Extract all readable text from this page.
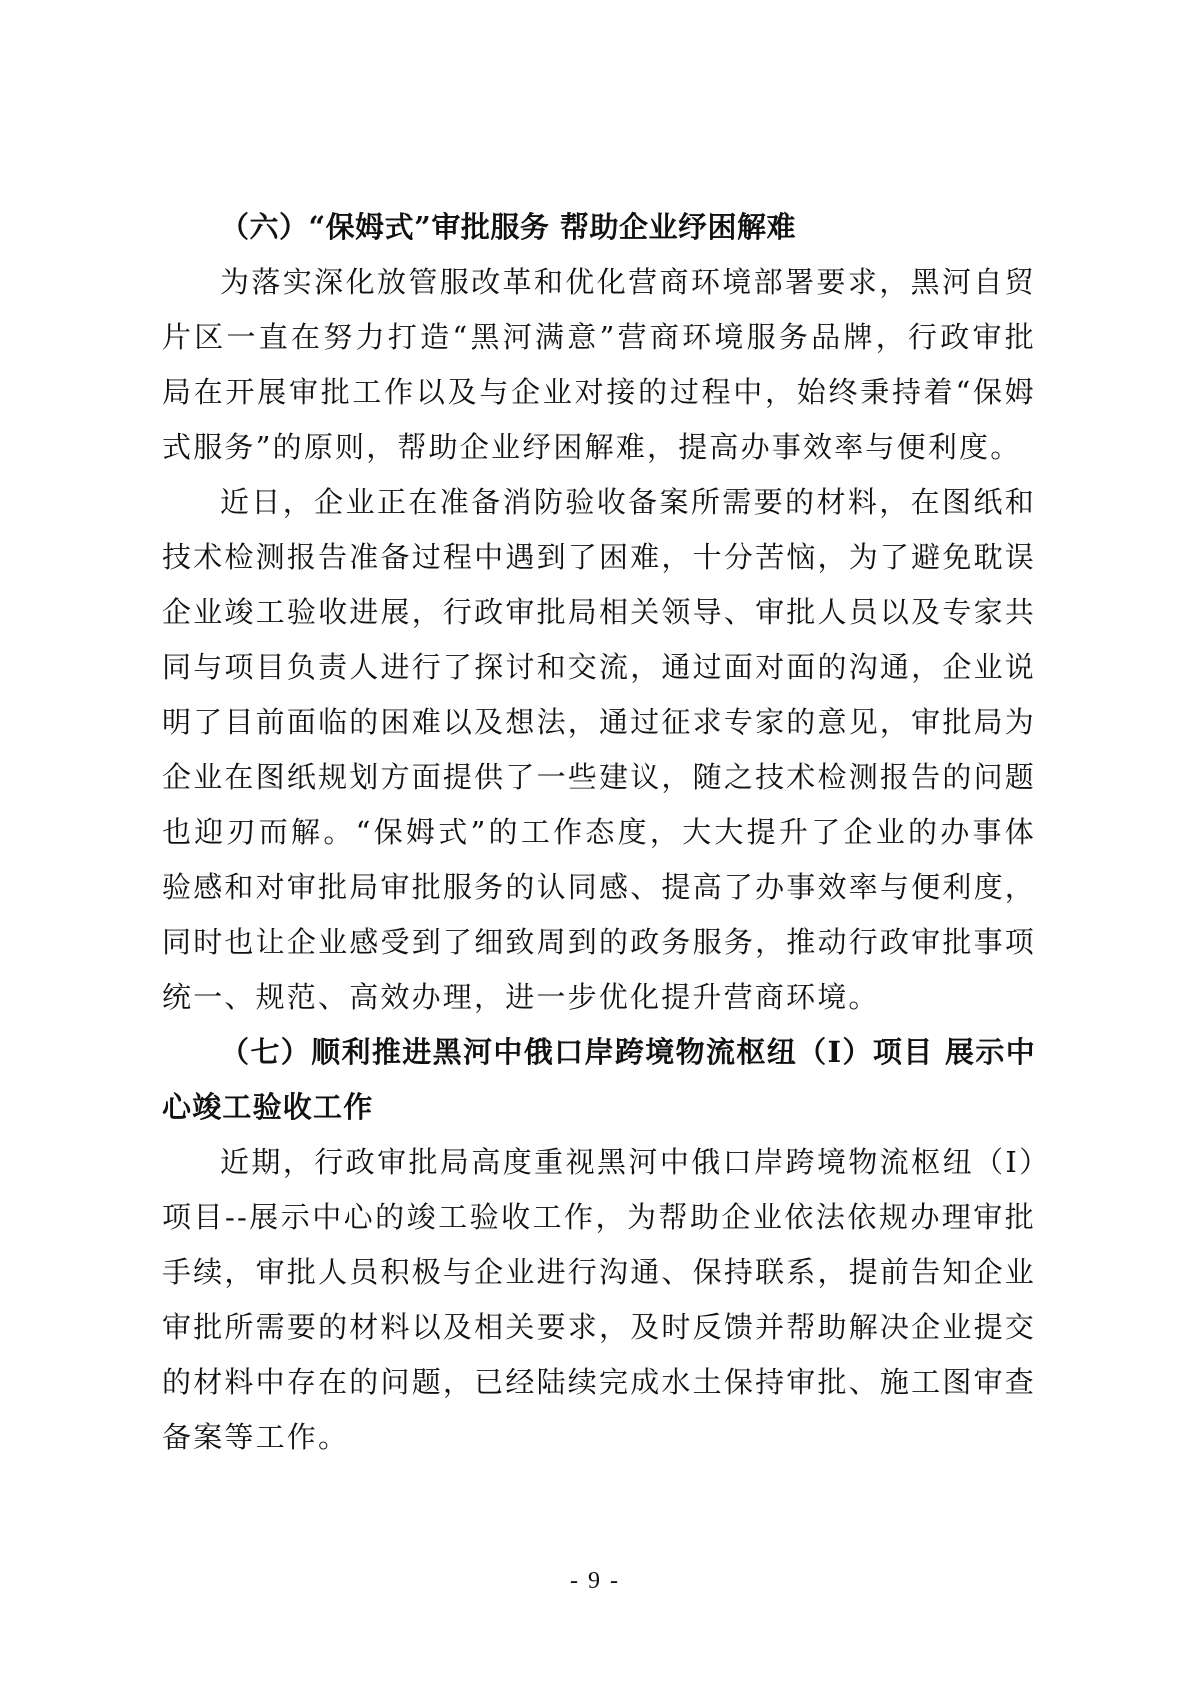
（六）“保姆式”审批服务 帮助企业纾困解难

为落实深化放管服改革和优化营商环境部署要求，黑河自贸片区一直在努力打造“黑河满意”营商环境服务品牌，行政审批局在开展审批工作以及与企业对接的过程中，始终秉持着“保姆式服务”的原则，帮助企业纾困解难，提高办事效率与便利度。

近日，企业正在准备消防验收备案所需要的材料，在图纸和技术检测报告准备过程中遇到了困难，十分苦恼，为了避免耽误企业竣工验收进展，行政审批局相关领导、审批人员以及专家共同与项目负责人进行了探讨和交流，通过面对面的沟通，企业说明了目前面临的困难以及想法，通过征求专家的意见，审批局为企业在图纸规划方面提供了一些建议，随之技术检测报告的问题也迎刃而解。“保姆式”的工作态度，大大提升了企业的办事体验感和对审批局审批服务的认同感、提高了办事效率与便利度，同时也让企业感受到了细致周到的政务服务，推动行政审批事项统一、规范、高效办理，进一步优化提升营商环境。

（七）顺利推进黑河中俄口岸跨境物流枢纽（I）项目 展示中心竣工验收工作

近期，行政审批局高度重视黑河中俄口岸跨境物流枢纽（I）项目--展示中心的竣工验收工作，为帮助企业依法依规办理审批手续，审批人员积极与企业进行沟通、保持联系，提前告知企业审批所需要的材料以及相关要求，及时反馈并帮助解决企业提交的材料中存在的问题，已经陆续完成水土保持审批、施工图审查备案等工作。

- 9 -
